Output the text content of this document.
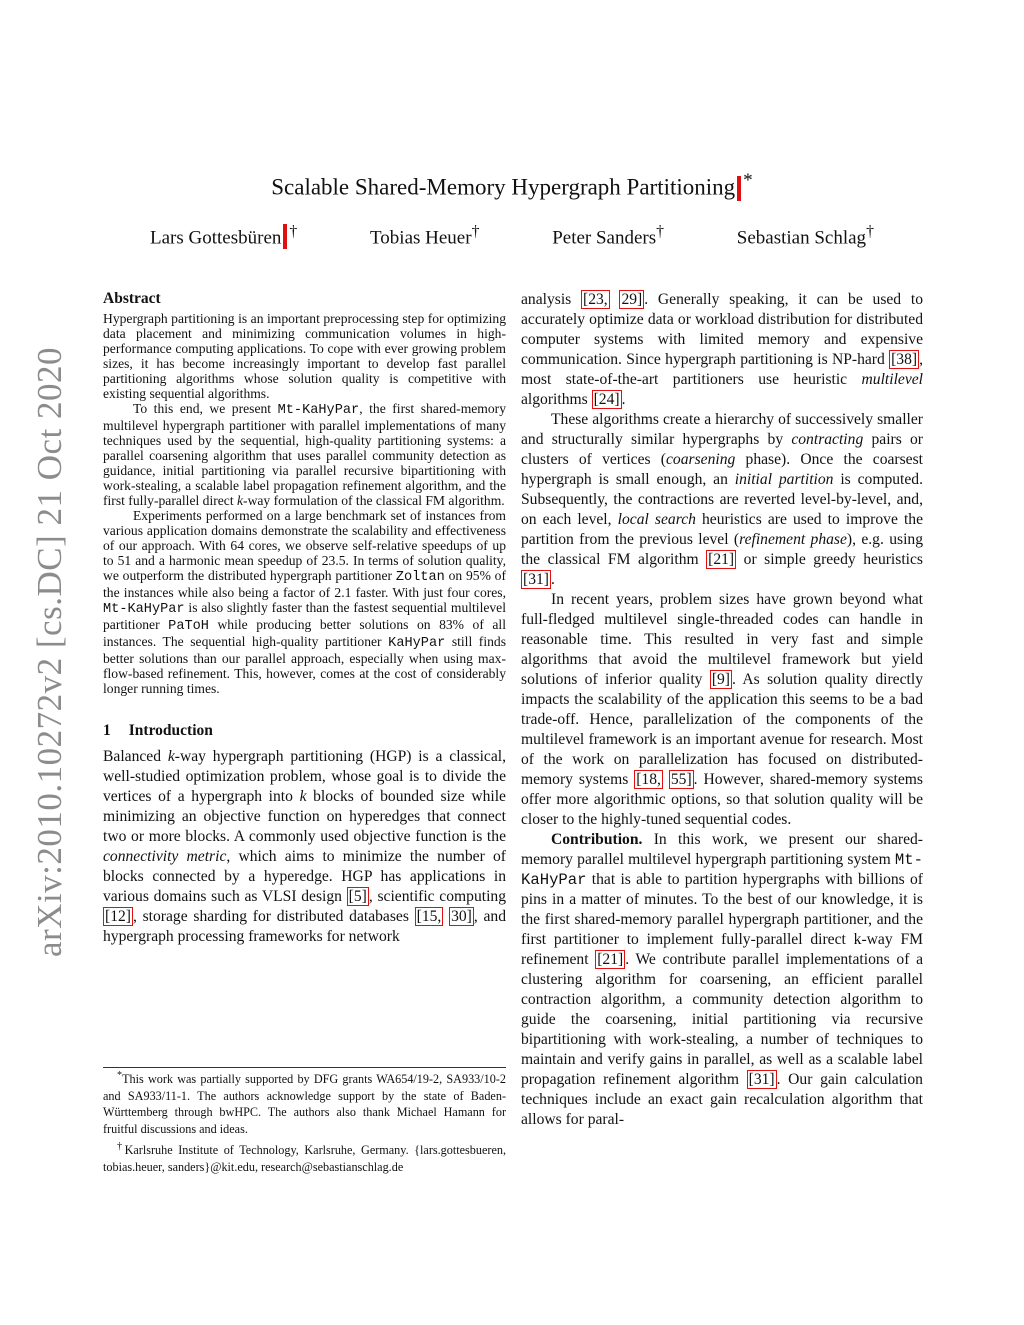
arXiv:2010.10272v2 [cs.DC] 21 Oct 2020
Scalable Shared-Memory Hypergraph Partitioning *
Lars Gottesbüren †	Tobias Heuer†	Peter Sanders†	Sebastian Schlag†
Abstract

Hypergraph partitioning is an important preprocessing step for optimizing data placement and minimizing communication volumes in high-performance computing applications. To cope with ever growing problem sizes, it has become increasingly important to develop fast parallel partitioning algorithms whose solution quality is competitive with existing sequential algorithms.

To this end, we present Mt-KaHyPar, the first shared-memory multilevel hypergraph partitioner with parallel implementations of many techniques used by the sequential, high-quality partitioning systems: a parallel coarsening algorithm that uses parallel community detection as guidance, initial partitioning via parallel recursive bipartitioning with work-stealing, a scalable label propagation refinement algorithm, and the first fully-parallel direct k-way formulation of the classical FM algorithm.

Experiments performed on a large benchmark set of instances from various application domains demonstrate the scalability and effectiveness of our approach. With 64 cores, we observe self-relative speedups of up to 51 and a harmonic mean speedup of 23.5. In terms of solution quality, we outperform the distributed hypergraph partitioner Zoltan on 95% of the instances while also being a factor of 2.1 faster. With just four cores, Mt-KaHyPar is also slightly faster than the fastest sequential multilevel partitioner PaToH while producing better solutions on 83% of all instances. The sequential high-quality partitioner KaHyPar still finds better solutions than our parallel approach, especially when using max-flow-based refinement. This, however, comes at the cost of considerably longer running times.

1 Introduction

Balanced k-way hypergraph partitioning (HGP) is a classical, well-studied optimization problem, whose goal is to divide the vertices of a hypergraph into k blocks of bounded size while minimizing an objective function on hyperedges that connect two or more blocks. A commonly used objective function is the connectivity metric, which aims to minimize the number of blocks connected by a hyperedge. HGP has applications in various domains such as VLSI design [5] , scientific computing [12] , storage sharding for distributed databases [15, 30] , and hypergraph processing frameworks for network

*This work was partially supported by DFG grants WA654/19-2, SA933/10-2 and SA933/11-1. The authors acknowledge support by the state of Baden-Württemberg through bwHPC. The authors also thank Michael Hamann for fruitful discussions and ideas.

†Karlsruhe Institute of Technology, Karlsruhe, Germany. {lars.gottesbueren, tobias.heuer, sanders}@kit.edu, research@sebastianschlag.de

analysis [23, 29] . Generally speaking, it can be used to accurately optimize data or workload distribution for distributed computer systems with limited memory and expensive communication. Since hypergraph partitioning is NP-hard [38] , most state-of-the-art partitioners use heuristic multilevel algorithms [24] .

These algorithms create a hierarchy of successively smaller and structurally similar hypergraphs by contracting pairs or clusters of vertices (coarsening phase). Once the coarsest hypergraph is small enough, an initial partition is computed. Subsequently, the contractions are reverted level-by-level, and, on each level, local search heuristics are used to improve the partition from the previous level (refinement phase), e.g. using the classical FM algorithm [21] or simple greedy heuristics [31] .

In recent years, problem sizes have grown beyond what full-fledged multilevel single-threaded codes can handle in reasonable time. This resulted in very fast and simple algorithms that avoid the multilevel framework but yield solutions of inferior quality [9] . As solution quality directly impacts the scalability of the application this seems to be a bad trade-off. Hence, parallelization of the components of the multilevel framework is an important avenue for research. Most of the work on parallelization has focused on distributed-memory systems [18, 55] . However, shared-memory systems offer more algorithmic options, so that solution quality will be closer to the highly-tuned sequential codes.

Contribution. In this work, we present our shared-memory parallel multilevel hypergraph partitioning system Mt-KaHyPar that is able to partition hypergraphs with billions of pins in a matter of minutes. To the best of our knowledge, it is the first shared-memory parallel hypergraph partitioner, and the first partitioner to implement fully-parallel direct k-way FM refinement [21] . We contribute parallel implementations of a clustering algorithm for coarsening, an efficient parallel contraction algorithm, a community detection algorithm to guide the coarsening, initial partitioning via recursive bipartitioning with work-stealing, a number of techniques to maintain and verify gains in parallel, as well as a scalable label propagation refinement algorithm [31] . Our gain calculation techniques include an exact gain recalculation algorithm that allows for paral-
